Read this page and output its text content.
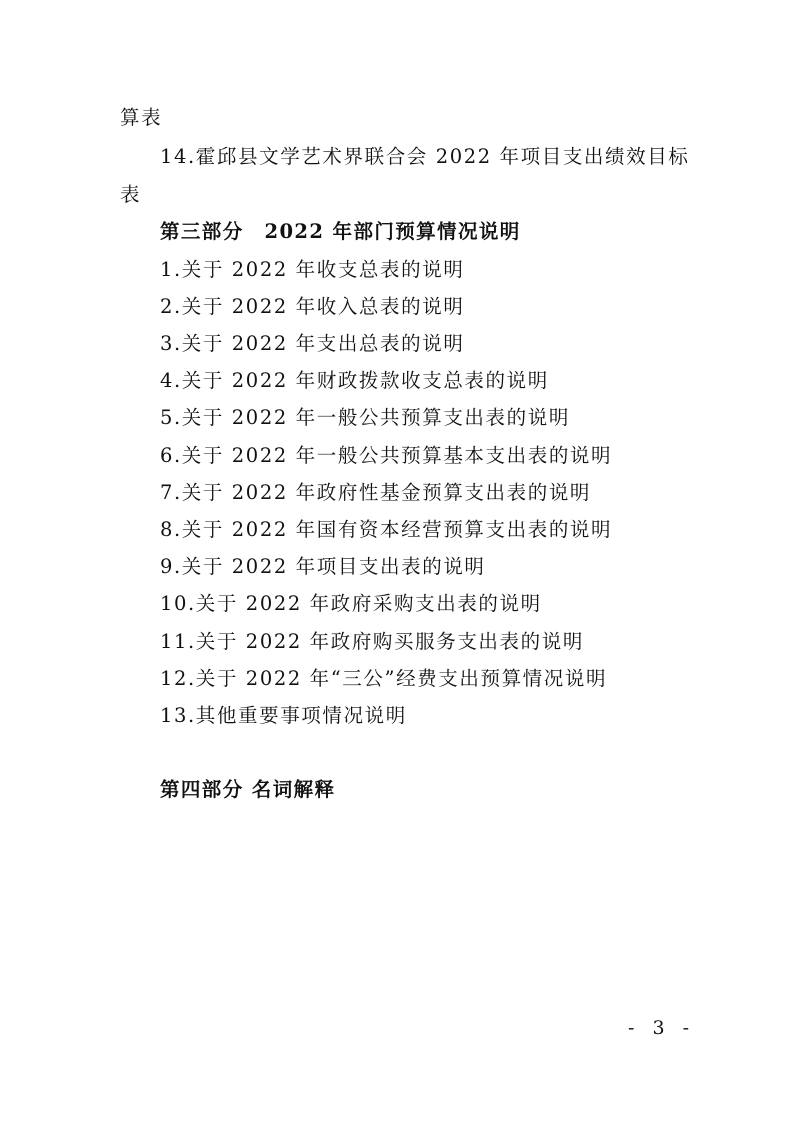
算表
14.霍邱县文学艺术界联合会 2022 年项目支出绩效目标
表
第三部分　2022 年部门预算情况说明
1.关于 2022 年收支总表的说明
2.关于 2022 年收入总表的说明
3.关于 2022 年支出总表的说明
4.关于 2022 年财政拨款收支总表的说明
5.关于 2022 年一般公共预算支出表的说明
6.关于 2022 年一般公共预算基本支出表的说明
7.关于 2022 年政府性基金预算支出表的说明
8.关于 2022 年国有资本经营预算支出表的说明
9.关于 2022 年项目支出表的说明
10.关于 2022 年政府采购支出表的说明
11.关于 2022 年政府购买服务支出表的说明
12.关于 2022 年“三公”经费支出预算情况说明
13.其他重要事项情况说明
第四部分 名词解释
- 3 -
